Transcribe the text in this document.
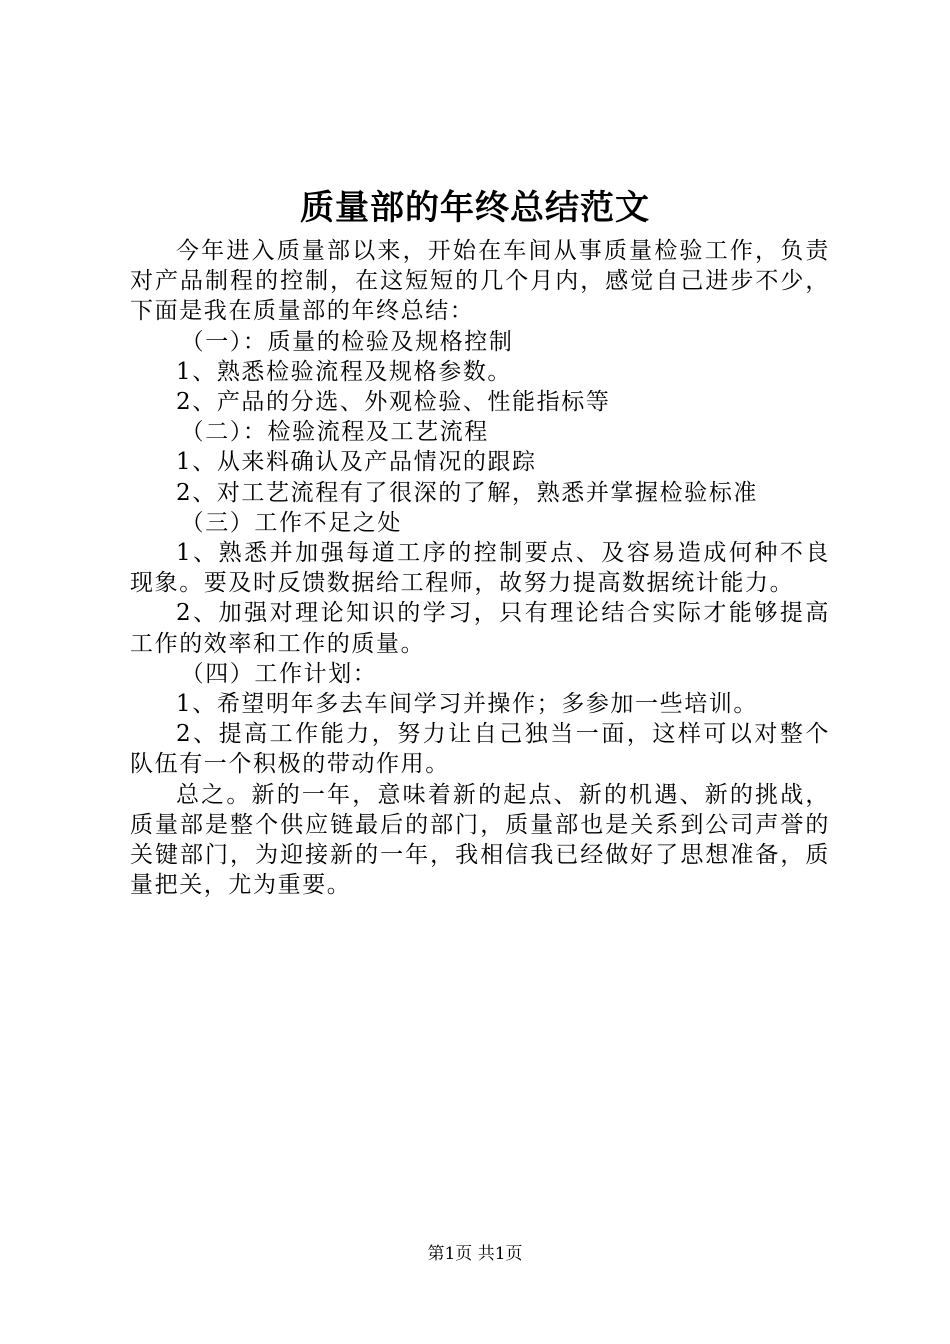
质量部的年终总结范文

今年进入质量部以来，开始在车间从事质量检验工作，负责对产品制程的控制，在这短短的几个月内，感觉自己进步不少，下面是我在质量部的年终总结：

（一）：质量的检验及规格控制

1、熟悉检验流程及规格参数。

2、产品的分选、外观检验、性能指标等

（二）：检验流程及工艺流程

1、从来料确认及产品情况的跟踪

2、对工艺流程有了很深的了解，熟悉并掌握检验标准

（三）工作不足之处

1、熟悉并加强每道工序的控制要点、及容易造成何种不良现象。要及时反馈数据给工程师，故努力提高数据统计能力。

2、加强对理论知识的学习，只有理论结合实际才能够提高工作的效率和工作的质量。

（四）工作计划：

1、希望明年多去车间学习并操作；多参加一些培训。

2、提高工作能力，努力让自己独当一面，这样可以对整个队伍有一个积极的带动作用。

总之。新的一年，意味着新的起点、新的机遇、新的挑战，质量部是整个供应链最后的部门，质量部也是关系到公司声誉的关键部门，为迎接新的一年，我相信我已经做好了思想准备，质量把关，尤为重要。

第1页 共1页
